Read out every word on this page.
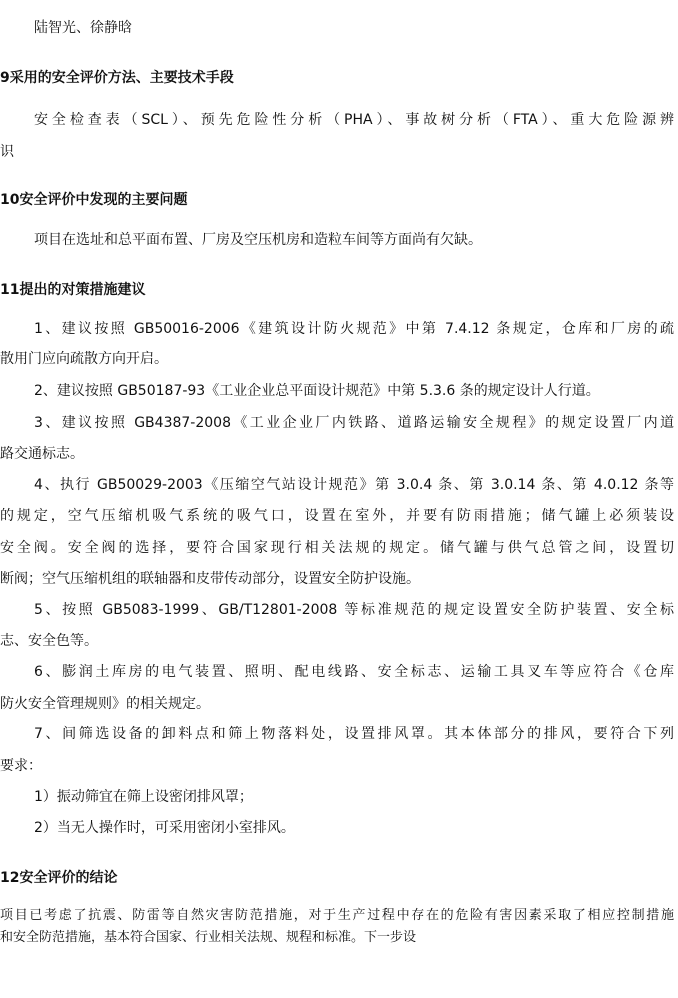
陆智光、徐静晗
9采用的安全评价方法、主要技术手段
安全检查表（SCL）、预先危险性分析（PHA）、事故树分析（FTA）、重大危险源辨
识
10安全评价中发现的主要问题
项目在选址和总平面布置、厂房及空压机房和造粒车间等方面尚有欠缺。
11提出的对策措施建议
1、建议按照 GB50016-2006《建筑设计防火规范》中第 7.4.12 条规定，仓库和厂房的疏
散用门应向疏散方向开启。
2、建议按照 GB50187-93《工业企业总平面设计规范》中第 5.3.6 条的规定设计人行道。
3、建议按照 GB4387-2008《工业企业厂内铁路、道路运输安全规程》的规定设置厂内道
路交通标志。
4、执行 GB50029-2003《压缩空气站设计规范》第 3.0.4 条、第 3.0.14 条、第 4.0.12 条等
的规定，空气压缩机吸气系统的吸气口，设置在室外，并要有防雨措施；储气罐上必须装设
安全阀。安全阀的选择，要符合国家现行相关法规的规定。储气罐与供气总管之间，设置切
断阀；空气压缩机组的联轴器和皮带传动部分，设置安全防护设施。
5、按照 GB5083-1999、GB/T12801-2008 等标准规范的规定设置安全防护装置、安全标
志、安全色等。
6、膨润土库房的电气装置、照明、配电线路、安全标志、运输工具叉车等应符合《仓库
防火安全管理规则》的相关规定。
7、间筛选设备的卸料点和筛上物落料处，设置排风罩。其本体部分的排风，要符合下列
要求：
1）振动筛宜在筛上设密闭排风罩；
2）当无人操作时，可采用密闭小室排风。
12安全评价的结论
项目已考虑了抗震、防雷等自然灾害防范措施，对于生产过程中存在的危险有害因素采取了相应控制措施
和安全防范措施，基本符合国家、行业相关法规、规程和标准。下一步设
